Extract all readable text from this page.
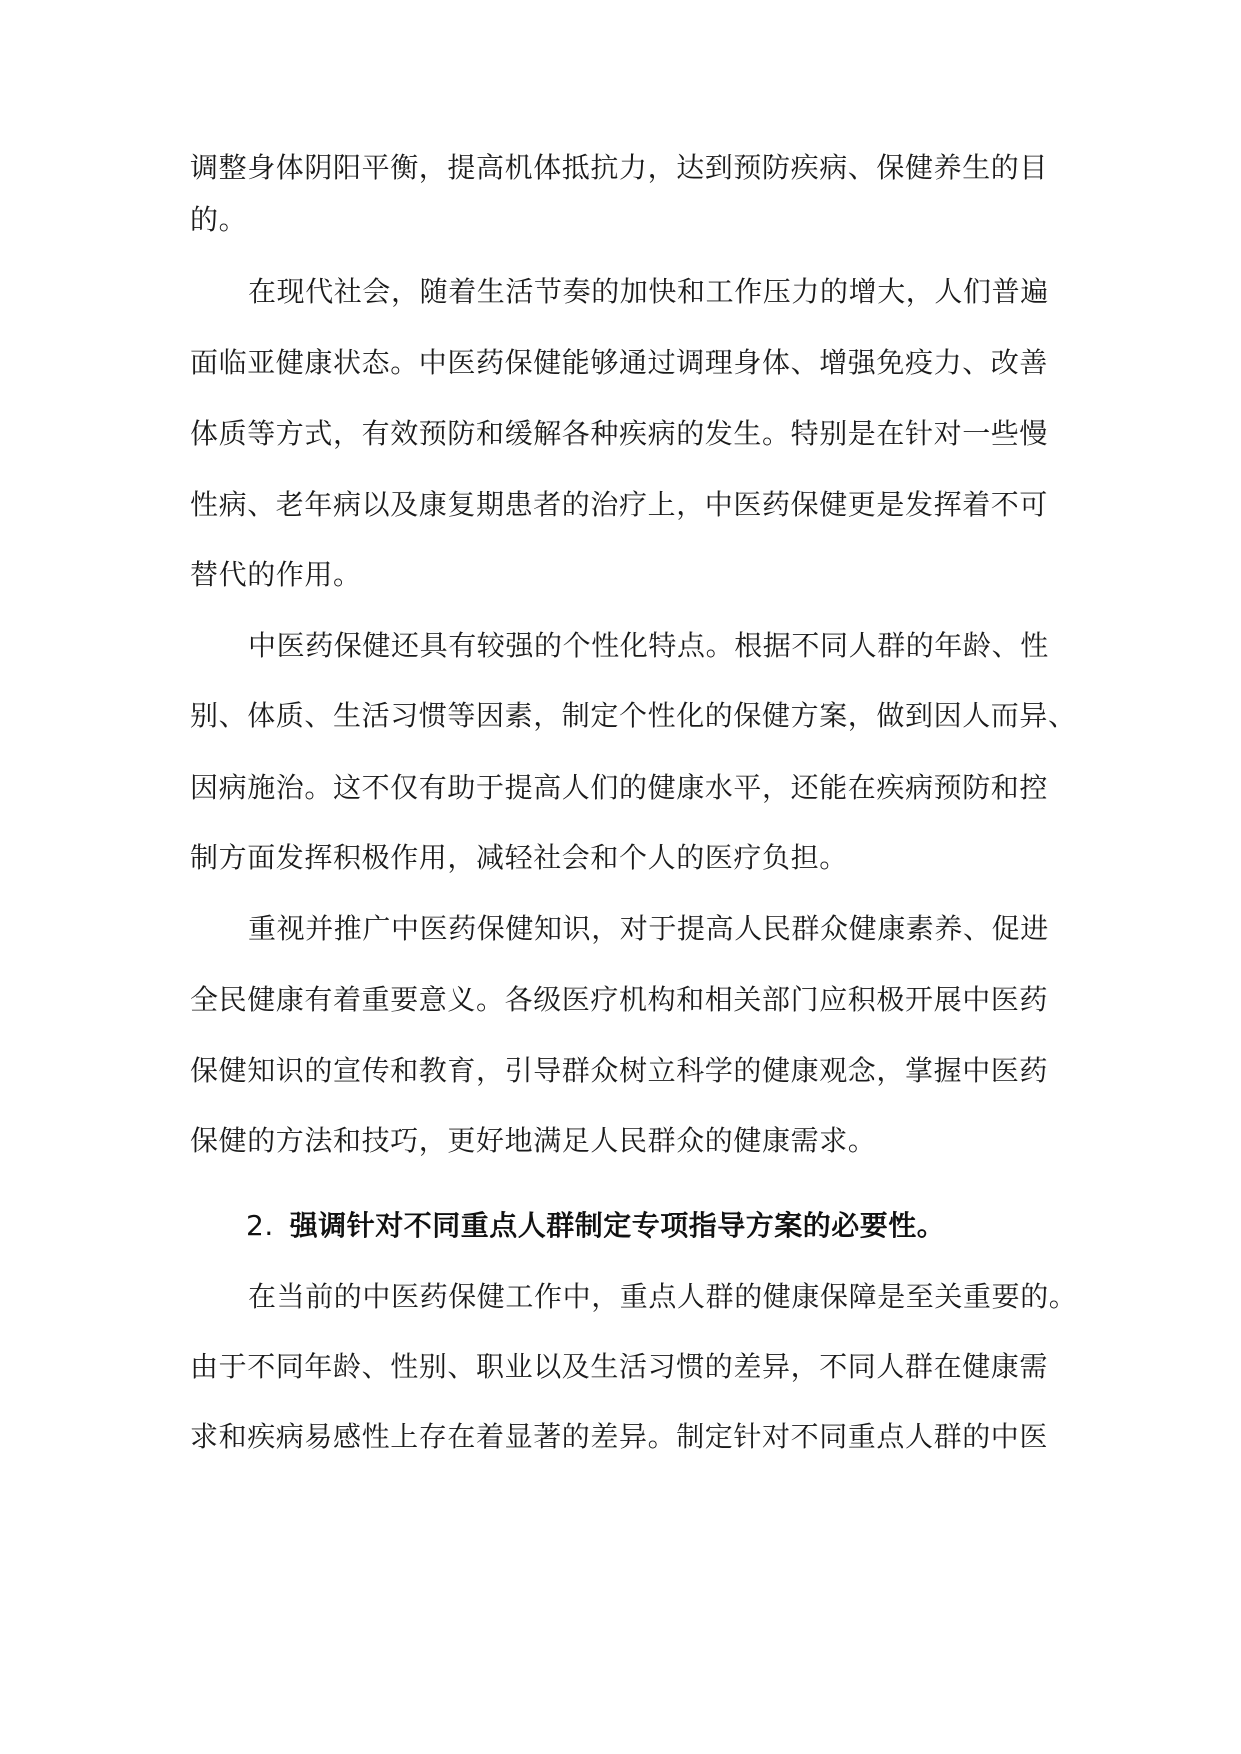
调整身体阴阳平衡，提高机体抵抗力，达到预防疾病、保健养生的目
的。
在现代社会，随着生活节奏的加快和工作压力的增大，人们普遍
面临亚健康状态。中医药保健能够通过调理身体、增强免疫力、改善
体质等方式，有效预防和缓解各种疾病的发生。特别是在针对一些慢
性病、老年病以及康复期患者的治疗上，中医药保健更是发挥着不可
替代的作用。
中医药保健还具有较强的个性化特点。根据不同人群的年龄、性
别、体质、生活习惯等因素，制定个性化的保健方案，做到因人而异、
因病施治。这不仅有助于提高人们的健康水平，还能在疾病预防和控
制方面发挥积极作用，减轻社会和个人的医疗负担。
重视并推广中医药保健知识，对于提高人民群众健康素养、促进
全民健康有着重要意义。各级医疗机构和相关部门应积极开展中医药
保健知识的宣传和教育，引导群众树立科学的健康观念，掌握中医药
保健的方法和技巧，更好地满足人民群众的健康需求。
2. 强调针对不同重点人群制定专项指导方案的必要性。
在当前的中医药保健工作中，重点人群的健康保障是至关重要的。
由于不同年龄、性别、职业以及生活习惯的差异，不同人群在健康需
求和疾病易感性上存在着显著的差异。制定针对不同重点人群的中医
